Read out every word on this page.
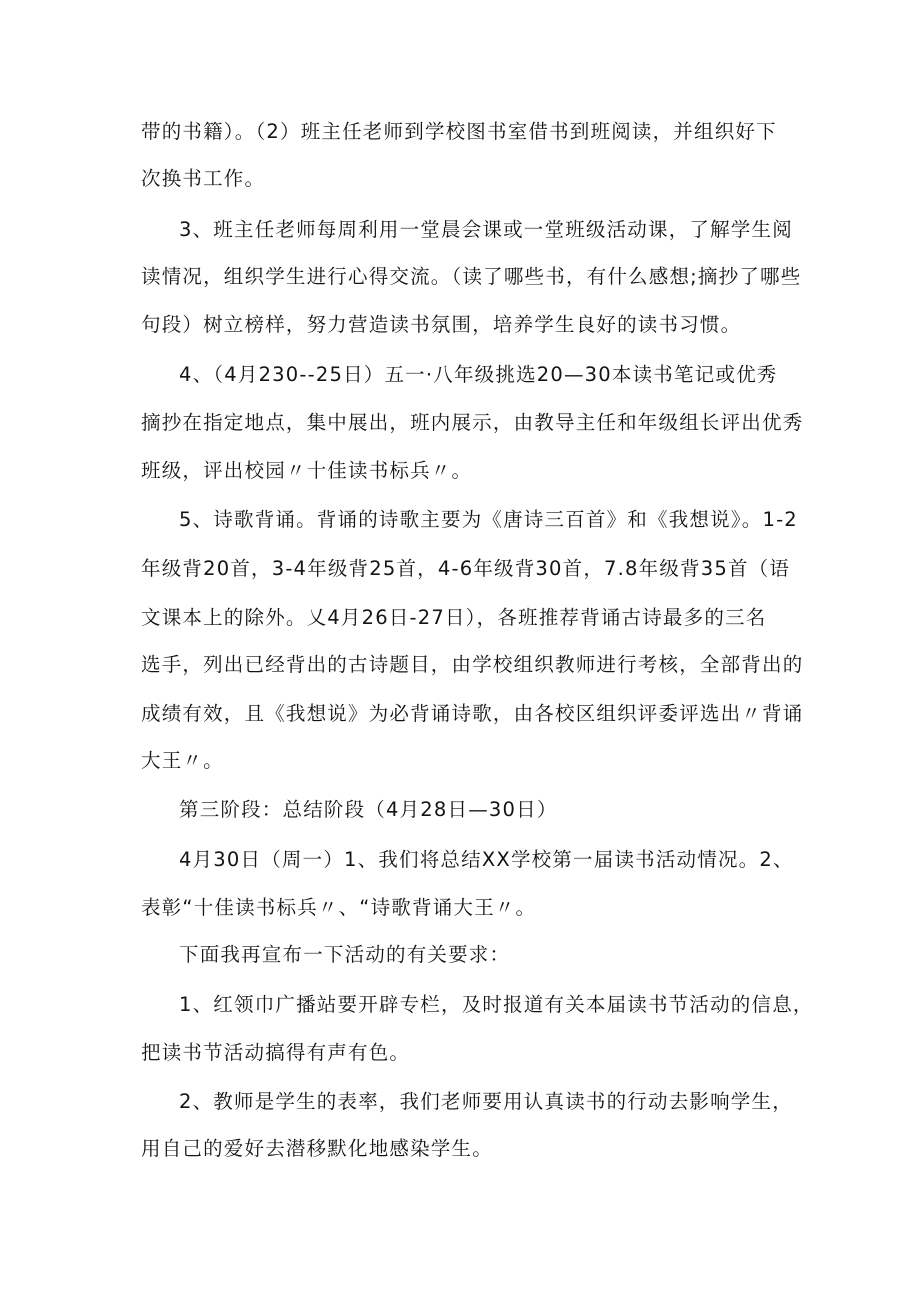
带的书籍）。（2）班主任老师到学校图书室借书到班阅读，并组织好下
次换书工作。
3、班主任老师每周利用一堂晨会课或一堂班级活动课，了解学生阅
读情况，组织学生进行心得交流。（读了哪些书，有什么感想;摘抄了哪些
句段）树立榜样，努力营造读书氛围，培养学生良好的读书习惯。
4、（4月230--25日）五一·八年级挑选20—30本读书笔记或优秀
摘抄在指定地点，集中展出，班内展示，由教导主任和年级组长评出优秀
班级，评出校园〃十佳读书标兵〃。
5、诗歌背诵。背诵的诗歌主要为《唐诗三百首》和《我想说》。1-2
年级背20首，3-4年级背25首，4-6年级背30首，7.8年级背35首（语
文课本上的除外。乂4月26日-27日），各班推荐背诵古诗最多的三名
选手，列出已经背出的古诗题目，由学校组织教师进行考核，全部背出的
成绩有效，且《我想说》为必背诵诗歌，由各校区组织评委评选出〃背诵
大王〃。
第三阶段：总结阶段（4月28日—30日）
4月30日（周一）1、我们将总结XX学校第一届读书活动情况。2、
表彰“十佳读书标兵〃、“诗歌背诵大王〃。
下面我再宣布一下活动的有关要求：
1、红领巾广播站要开辟专栏，及时报道有关本届读书节活动的信息，
把读书节活动搞得有声有色。
2、教师是学生的表率，我们老师要用认真读书的行动去影响学生，
用自己的爱好去潜移默化地感染学生。
